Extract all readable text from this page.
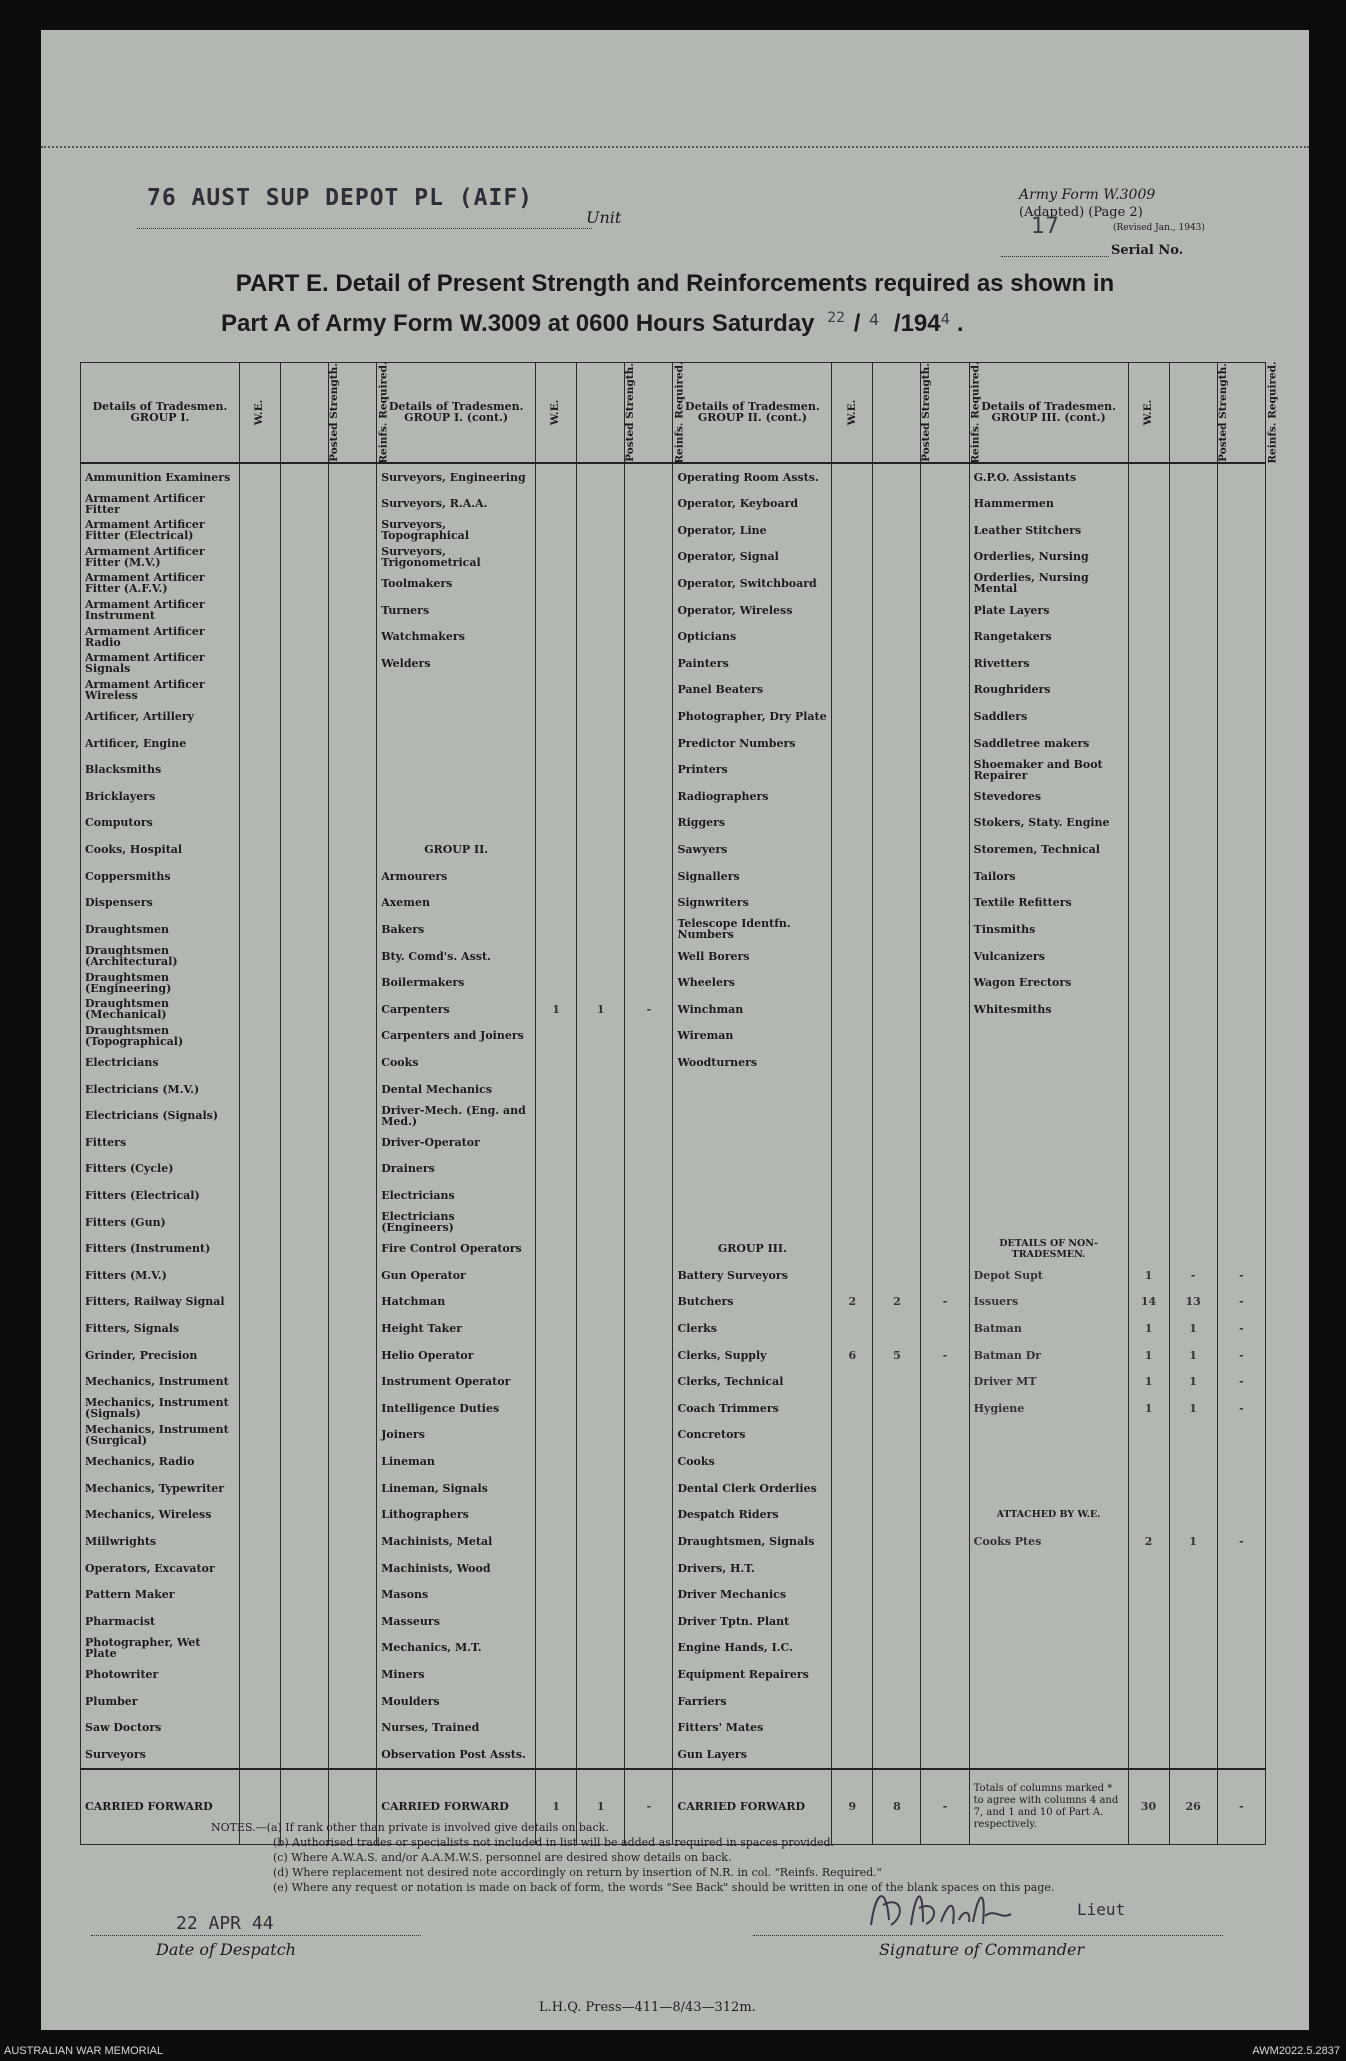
76 AUST SUP DEPOT PL (AIF)
Unit
Army Form W.3009
(Adapted) (Page 2)
(Revised Jan., 1943)
17
Serial No.
PART E. Detail of Present Strength and Reinforcements required as shown in
Part A of Army Form W.3009 at 0600 Hours Saturday $^{22}$ / $^4$ $/194^4$ .
Details of Tradesmen. GROUP I.	W.E.	Posted Strength.	Reinfs. Required.	Details of Tradesmen. GROUP I. (cont.)	W.E.	Posted Strength.	Reinfs. Required.	Details of Tradesmen. GROUP II. (cont.)	W.E.	Posted Strength.	Reinfs. Required.	Details of Tradesmen. GROUP III. (cont.)	W.E.	Posted Strength.	Reinfs. Required.
Ammunition Examiners				Surveyors, Engineering				Operating Room Assts.				G.P.O. Assistants			
Armament Artificer Fitter				Surveyors, R.A.A.				Operator, Keyboard				Hammermen			
Armament Artificer Fitter (Electrical)				Surveyors, Topographical				Operator, Line				Leather Stitchers			
Armament Artificer Fitter (M.V.)				Surveyors, Trigonometrical				Operator, Signal				Orderlies, Nursing			
Armament Artificer Fitter (A.F.V.)				Toolmakers				Operator, Switchboard				Orderlies, Nursing Mental			
Armament Artificer Instrument				Turners				Operator, Wireless				Plate Layers			
Armament Artificer Radio				Watchmakers				Opticians				Rangetakers			
Armament Artificer Signals				Welders				Painters				Rivetters			
Armament Artificer Wireless								Panel Beaters				Roughriders			
Artificer, Artillery								Photographer, Dry Plate				Saddlers			
Artificer, Engine								Predictor Numbers				Saddletree makers			
Blacksmiths								Printers				Shoemaker and Boot Repairer			
Bricklayers								Radiographers				Stevedores			
Computors								Riggers				Stokers, Staty. Engine			
Cooks, Hospital				GROUP II.				Sawyers				Storemen, Technical			
Coppersmiths				Armourers				Signallers				Tailors			
Dispensers				Axemen				Signwriters				Textile Refitters			
Draughtsmen				Bakers				Telescope Identfn. Numbers				Tinsmiths			
Draughtsmen (Architectural)				Bty. Comd's. Asst.				Well Borers				Vulcanizers			
Draughtsmen (Engineering)				Boilermakers				Wheelers				Wagon Erectors			
Draughtsmen (Mechanical)				Carpenters	1	1	-	Winchman				Whitesmiths			
Draughtsmen (Topographical)				Carpenters and Joiners				Wireman							
Electricians				Cooks				Woodturners							
Electricians (M.V.)				Dental Mechanics											
Electricians (Signals)				Driver-Mech. (Eng. and Med.)											
Fitters				Driver-Operator											
Fitters (Cycle)				Drainers											
Fitters (Electrical)				Electricians											
Fitters (Gun)				Electricians (Engineers)											
Fitters (Instrument)				Fire Control Operators				GROUP III.				DETAILS OF NON-TRADESMEN.			
Fitters (M.V.)				Gun Operator				Battery Surveyors				Depot Supt	1	-	-
Fitters, Railway Signal				Hatchman				Butchers	2	2	-	Issuers	14	13	-
Fitters, Signals				Height Taker				Clerks				Batman	1	1	-
Grinder, Precision				Helio Operator				Clerks, Supply	6	5	-	Batman Dr	1	1	-
Mechanics, Instrument				Instrument Operator				Clerks, Technical				Driver MT	1	1	-
Mechanics, Instrument (Signals)				Intelligence Duties				Coach Trimmers				Hygiene	1	1	-
Mechanics, Instrument (Surgical)				Joiners				Concretors							
Mechanics, Radio				Lineman				Cooks							
Mechanics, Typewriter				Lineman, Signals				Dental Clerk Orderlies							
Mechanics, Wireless				Lithographers				Despatch Riders				ATTACHED BY W.E.			
Millwrights				Machinists, Metal				Draughtsmen, Signals				Cooks Ptes	2	1	-
Operators, Excavator				Machinists, Wood				Drivers, H.T.							
Pattern Maker				Masons				Driver Mechanics							
Pharmacist				Masseurs				Driver Tptn. Plant							
Photographer, Wet Plate				Mechanics, M.T.				Engine Hands, I.C.							
Photowriter				Miners				Equipment Repairers							
Plumber				Moulders				Farriers							
Saw Doctors				Nurses, Trained				Fitters' Mates							
Surveyors				Observation Post Assts.				Gun Layers							
CARRIED FORWARD				CARRIED FORWARD	1	1	-	CARRIED FORWARD	9	8	-	Totals of columns marked * to agree with columns 4 and 7, and 1 and 10 of Part A. respectively.	30	26	-
NOTES.—(a) If rank other than private is involved give details on back.
(b) Authorised trades or specialists not included in list will be added as required in spaces provided.
(c) Where A.W.A.S. and/or A.A.M.W.S. personnel are desired show details on back.
(d) Where replacement not desired note accordingly on return by insertion of N.R. in col. "Reinfs. Required."
(e) Where any request or notation is made on back of form, the words "See Back" should be written in one of the blank spaces on this page.
22 APR 44
Date of Despatch
Lieut
Signature of Commander
L.H.Q. Press—411—8/43—312m.
AUSTRALIAN WAR MEMORIAL	AWM2022.5.2837
